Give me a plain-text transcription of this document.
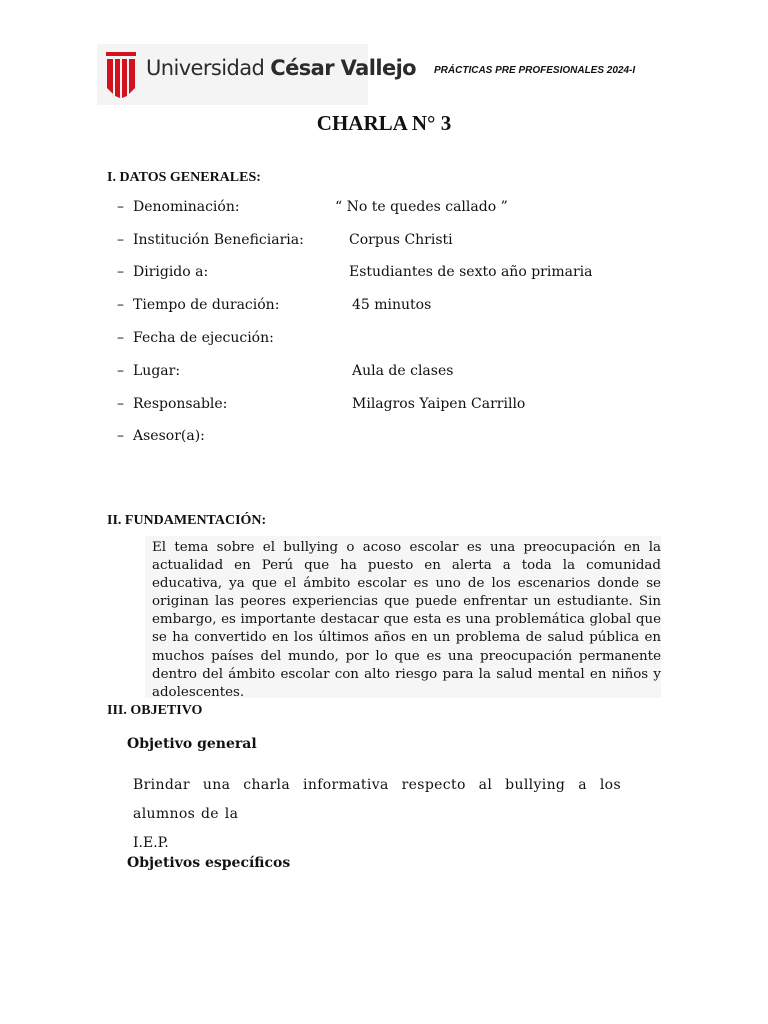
Universidad César Vallejo PRÁCTICAS PRE PROFESIONALES 2024-I
CHARLA N° 3
I. DATOS GENERALES:
– Denominación:	“ No te quedes callado ”
– Institución Beneficiaria:	Corpus Christi
– Dirigido a:	Estudiantes de sexto año primaria
– Tiempo de duración:	45 minutos
– Fecha de ejecución:
– Lugar:	Aula de clases
– Responsable:	Milagros Yaipen Carrillo
– Asesor(a):
II. FUNDAMENTACIÓN:

El tema sobre el bullying o acoso escolar es una preocupación en la actualidad en Perú que ha puesto en alerta a toda la comunidad educativa, ya que el ámbito escolar es uno de los escenarios donde se originan las peores experiencias que puede enfrentar un estudiante. Sin embargo, es importante destacar que esta es una problemática global que se ha convertido en los últimos años en un problema de salud pública en muchos países del mundo, por lo que es una preocupación permanente dentro del ámbito escolar con alto riesgo para la salud mental en niños y adolescentes.

III. OBJETIVO
Objetivo general

Brindar una charla informativa respecto al bullying a los alumnos de la
I.E.P.

Objetivos específicos
